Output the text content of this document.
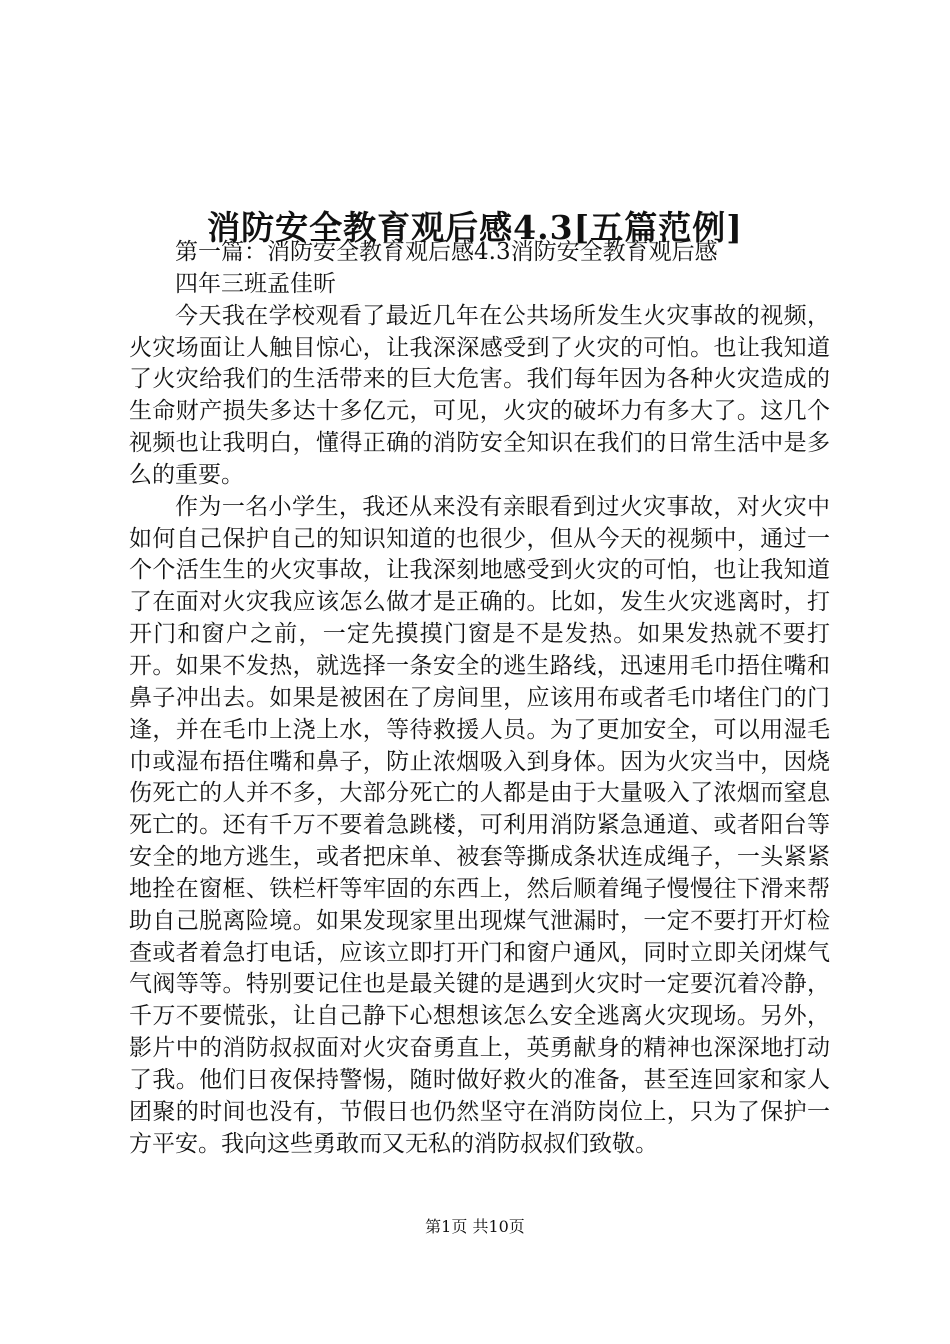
消防安全教育观后感4.3[五篇范例]

第一篇：消防安全教育观后感4.3消防安全教育观后感

四年三班孟佳昕

今天我在学校观看了最近几年在公共场所发生火灾事故的视频，火灾场面让人触目惊心，让我深深感受到了火灾的可怕。也让我知道了火灾给我们的生活带来的巨大危害。我们每年因为各种火灾造成的生命财产损失多达十多亿元，可见，火灾的破坏力有多大了。这几个视频也让我明白，懂得正确的消防安全知识在我们的日常生活中是多么的重要。

作为一名小学生，我还从来没有亲眼看到过火灾事故，对火灾中如何自己保护自己的知识知道的也很少，但从今天的视频中，通过一个个活生生的火灾事故，让我深刻地感受到火灾的可怕，也让我知道了在面对火灾我应该怎么做才是正确的。比如，发生火灾逃离时，打开门和窗户之前，一定先摸摸门窗是不是发热。如果发热就不要打开。如果不发热，就选择一条安全的逃生路线，迅速用毛巾捂住嘴和鼻子冲出去。如果是被困在了房间里，应该用布或者毛巾堵住门的门逢，并在毛巾上浇上水，等待救援人员。为了更加安全，可以用湿毛巾或湿布捂住嘴和鼻子，防止浓烟吸入到身体。因为火灾当中，因烧伤死亡的人并不多，大部分死亡的人都是由于大量吸入了浓烟而窒息死亡的。还有千万不要着急跳楼，可利用消防紧急通道、或者阳台等安全的地方逃生，或者把床单、被套等撕成条状连成绳子，一头紧紧地拴在窗框、铁栏杆等牢固的东西上，然后顺着绳子慢慢往下滑来帮助自己脱离险境。如果发现家里出现煤气泄漏时，一定不要打开灯检查或者着急打电话，应该立即打开门和窗户通风，同时立即关闭煤气气阀等等。特别要记住也是最关键的是遇到火灾时一定要沉着冷静，千万不要慌张，让自己静下心想想该怎么安全逃离火灾现场。另外，影片中的消防叔叔面对火灾奋勇直上，英勇献身的精神也深深地打动了我。他们日夜保持警惕，随时做好救火的准备，甚至连回家和家人团聚的时间也没有，节假日也仍然坚守在消防岗位上，只为了保护一方平安。我向这些勇敢而又无私的消防叔叔们致敬。

第1页 共10页
